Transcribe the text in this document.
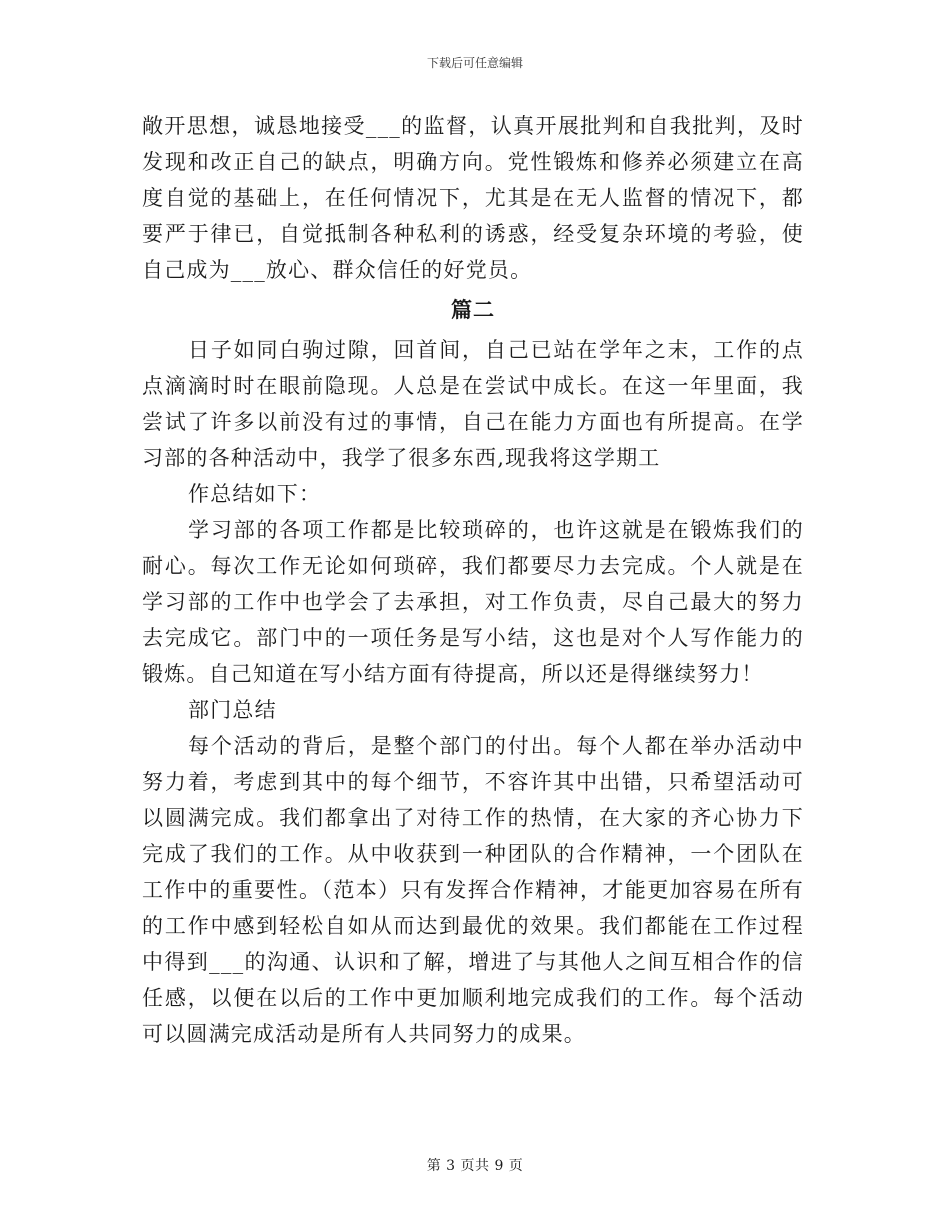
下载后可任意编辑

敞开思想，诚恳地接受___的监督，认真开展批判和自我批判，及时发现和改正自己的缺点，明确方向。党性锻炼和修养必须建立在高度自觉的基础上，在任何情况下，尤其是在无人监督的情况下，都要严于律已，自觉抵制各种私利的诱惑，经受复杂环境的考验，使自己成为___放心、群众信任的好党员。

篇二

日子如同白驹过隙，回首间，自己已站在学年之末，工作的点点滴滴时时在眼前隐现。人总是在尝试中成长。在这一年里面，我尝试了许多以前没有过的事情，自己在能力方面也有所提高。在学习部的各种活动中，我学了很多东西,现我将这学期工

作总结如下：

学习部的各项工作都是比较琐碎的，也许这就是在锻炼我们的耐心。每次工作无论如何琐碎，我们都要尽力去完成。个人就是在学习部的工作中也学会了去承担，对工作负责，尽自己最大的努力去完成它。部门中的一项任务是写小结，这也是对个人写作能力的锻炼。自己知道在写小结方面有待提高，所以还是得继续努力！

部门总结

每个活动的背后，是整个部门的付出。每个人都在举办活动中努力着，考虑到其中的每个细节，不容许其中出错，只希望活动可以圆满完成。我们都拿出了对待工作的热情，在大家的齐心协力下完成了我们的工作。从中收获到一种团队的合作精神，一个团队在工作中的重要性。（范本）只有发挥合作精神，才能更加容易在所有的工作中感到轻松自如从而达到最优的效果。我们都能在工作过程中得到___的沟通、认识和了解，增进了与其他人之间互相合作的信任感，以便在以后的工作中更加顺利地完成我们的工作。每个活动可以圆满完成活动是所有人共同努力的成果。

第 3 页共 9 页
